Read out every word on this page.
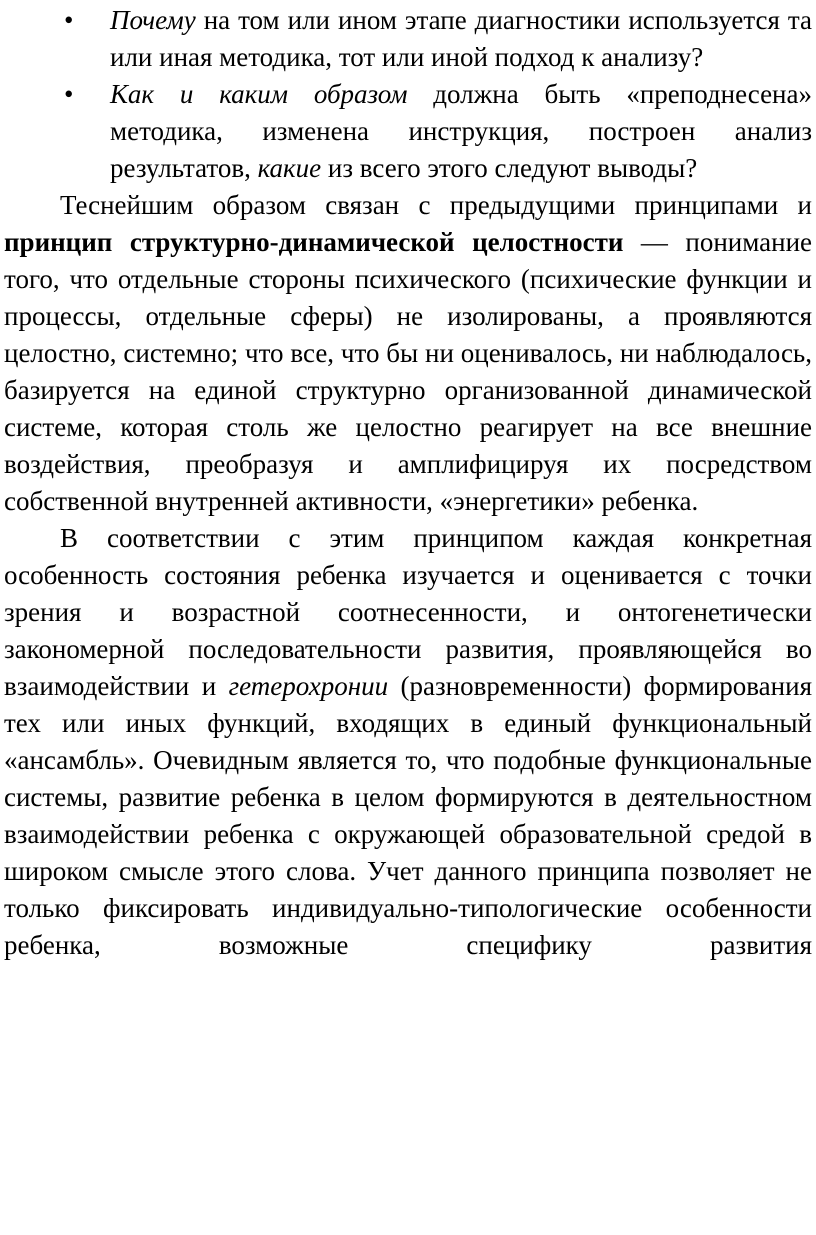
• Почему на том или ином этапе диагностики используется та или иная методика, тот или иной подход к анализу?
• Как и каким образом должна быть «преподнесена» методика, изменена инструкция, построен анализ результатов, какие из всего этого следуют выводы?

Теснейшим образом связан с предыдущими принципами и принцип структурно-динамической целостности — понимание того, что отдельные стороны психического (психические функции и процессы, отдельные сферы) не изолированы, а проявляются целостно, системно; что все, что бы ни оценивалось, ни наблюдалось, базируется на единой структурно организованной динамической системе, которая столь же целостно реагирует на все внешние воздействия, преобразуя и амплифицируя их посредством собственной внутренней активности, «энергетики» ребенка.

В соответствии с этим принципом каждая конкретная особенность состояния ребенка изучается и оценивается с точки зрения и возрастной соотнесенности, и онтогенетически закономерной последовательности развития, проявляющейся во взаимодействии и гетерохронии (разновременности) формирования тех или иных функций, входящих в единый функциональный «ансамбль». Очевидным является то, что подобные функциональные системы, развитие ребенка в целом формируются в деятельностном взаимодействии ребенка с окружающей образовательной средой в широком смысле этого слова. Учет данного принципа позволяет не только фиксировать индивидуально-типологические особенности ребенка, возможные специфику развития
